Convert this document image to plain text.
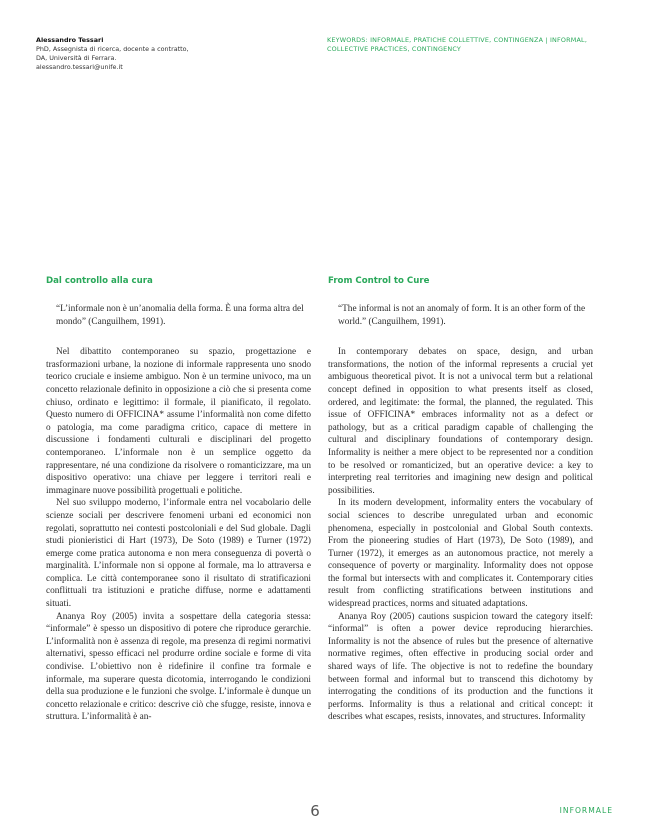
Alessandro Tessari
PhD, Assegnista di ricerca, docente a contratto,
DA, Università di Ferrara.
alessandro.tessari@unife.it
KEYWORDS: INFORMALE, PRATICHE COLLETTIVE, CONTINGENZA | INFORMAL, COLLECTIVE PRACTICES, CONTINGENCY
Dal controllo alla cura

“L’informale non è un’anomalia della forma. È una forma altra del mondo” (Canguilhem, 1991).

Nel dibattito contemporaneo su spazio, progettazione e trasformazioni urbane, la nozione di informale rappresenta uno snodo teorico cruciale e insieme ambiguo. Non è un termine univoco, ma un concetto relazionale definito in opposizione a ciò che si presenta come chiuso, ordinato e legittimo: il formale, il pianificato, il regolato. Questo numero di OFFICINA* assume l’informalità non come difetto o patologia, ma come paradigma critico, capace di mettere in discussione i fondamenti culturali e disciplinari del progetto contemporaneo. L’informale non è un semplice oggetto da rappresentare, né una condizione da risolvere o romanticizzare, ma un dispositivo operativo: una chiave per leggere i territori reali e immaginare nuove possibilità progettuali e politiche.

Nel suo sviluppo moderno, l’informale entra nel vocabolario delle scienze sociali per descrivere fenomeni urbani ed economici non regolati, soprattutto nei contesti postcoloniali e del Sud globale. Dagli studi pionieristici di Hart (1973), De Soto (1989) e Turner (1972) emerge come pratica autonoma e non mera conseguenza di povertà o marginalità. L’informale non si oppone al formale, ma lo attraversa e complica. Le città contemporanee sono il risultato di stratificazioni conflittuali tra istituzioni e pratiche diffuse, norme e adattamenti situati.

Ananya Roy (2005) invita a sospettare della categoria stessa: “informale” è spesso un dispositivo di potere che riproduce gerarchie. L’informalità non è assenza di regole, ma presenza di regimi normativi alternativi, spesso efficaci nel produrre ordine sociale e forme di vita condivise. L’obiettivo non è ridefinire il confine tra formale e informale, ma superare questa dicotomia, interrogando le condizioni della sua produzione e le funzioni che svolge. L’informale è dunque un concetto relazionale e critico: descrive ciò che sfugge, resiste, innova e struttura. L’informalità è an-

From Control to Cure

“The informal is not an anomaly of form. It is an other form of the world.” (Canguilhem, 1991).

In contemporary debates on space, design, and urban transformations, the notion of the informal represents a crucial yet ambiguous theoretical pivot. It is not a univocal term but a relational concept defined in opposition to what presents itself as closed, ordered, and legitimate: the formal, the planned, the regulated. This issue of OFFICINA* embraces informality not as a defect or pathology, but as a critical paradigm capable of challenging the cultural and disciplinary foundations of contemporary design. Informality is neither a mere object to be represented nor a condition to be resolved or romanticized, but an operative device: a key to interpreting real territories and imagining new design and political possibilities.

In its modern development, informality enters the vocabulary of social sciences to describe unregulated urban and economic phenomena, especially in postcolonial and Global South contexts. From the pioneering studies of Hart (1973), De Soto (1989), and Turner (1972), it emerges as an autonomous practice, not merely a consequence of poverty or marginality. Informality does not oppose the formal but intersects with and complicates it. Contemporary cities result from conflicting stratifications between institutions and widespread practices, norms and situated adaptations.

Ananya Roy (2005) cautions suspicion toward the category itself: “informal” is often a power device reproducing hierarchies. Informality is not the absence of rules but the presence of alternative normative regimes, often effective in producing social order and shared ways of life. The objective is not to redefine the boundary between formal and informal but to transcend this dichotomy by interrogating the conditions of its production and the functions it performs. Informality is thus a relational and critical concept: it describes what escapes, resists, innovates, and structures. Informality

6	INFORMALE
